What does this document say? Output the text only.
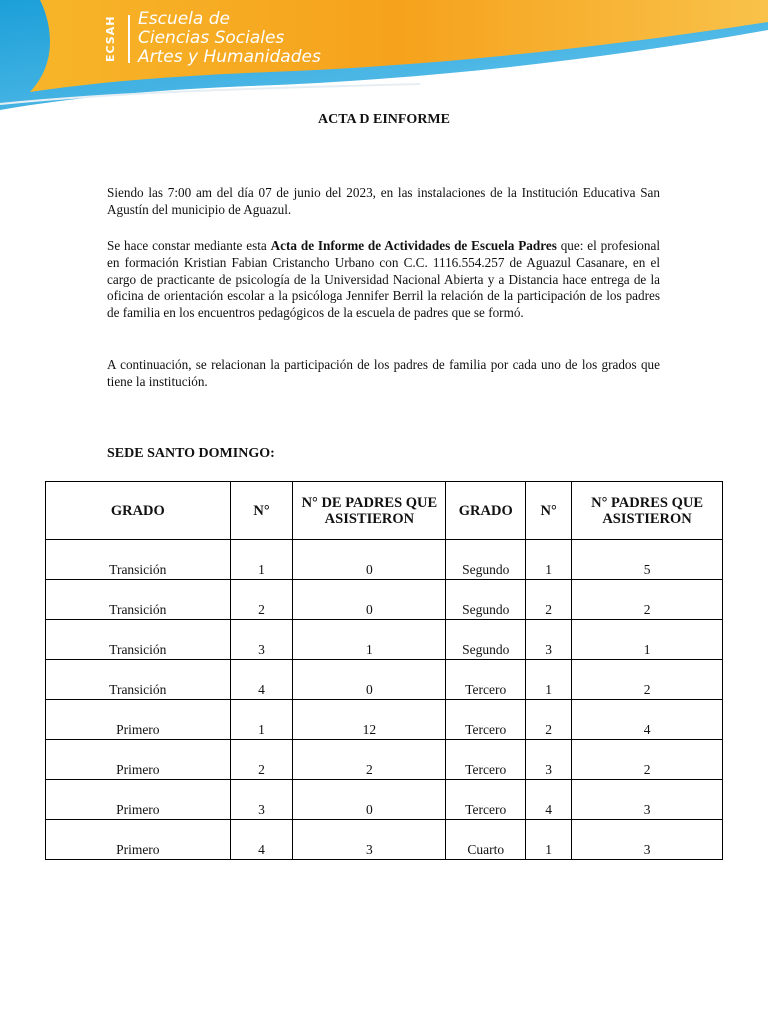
ECSAH Escuela de
Ciencias Sociales
Artes y Humanidades
ACTA D EINFORME
Siendo las 7:00 am del día 07 de junio del 2023, en las instalaciones de la Institución Educativa San Agustín del municipio de Aguazul.
Se hace constar mediante esta Acta de Informe de Actividades de Escuela Padres que: el profesional en formación Kristian Fabian Cristancho Urbano con C.C. 1116.554.257 de Aguazul Casanare, en el cargo de practicante de psicología de la Universidad Nacional Abierta y a Distancia hace entrega de la oficina de orientación escolar a la psicóloga Jennifer Berril la relación de la participación de los padres de familia en los encuentros pedagógicos de la escuela de padres que se formó.
A continuación, se relacionan la participación de los padres de familia por cada uno de los grados que tiene la institución.
SEDE SANTO DOMINGO:
GRADO	N°	N° DE PADRES QUE ASISTIERON	GRADO	N°	N° PADRES QUE ASISTIERON
Transición	1	0	Segundo	1	5
Transición	2	0	Segundo	2	2
Transición	3	1	Segundo	3	1
Transición	4	0	Tercero	1	2
Primero	1	12	Tercero	2	4
Primero	2	2	Tercero	3	2
Primero	3	0	Tercero	4	3
Primero	4	3	Cuarto	1	3
